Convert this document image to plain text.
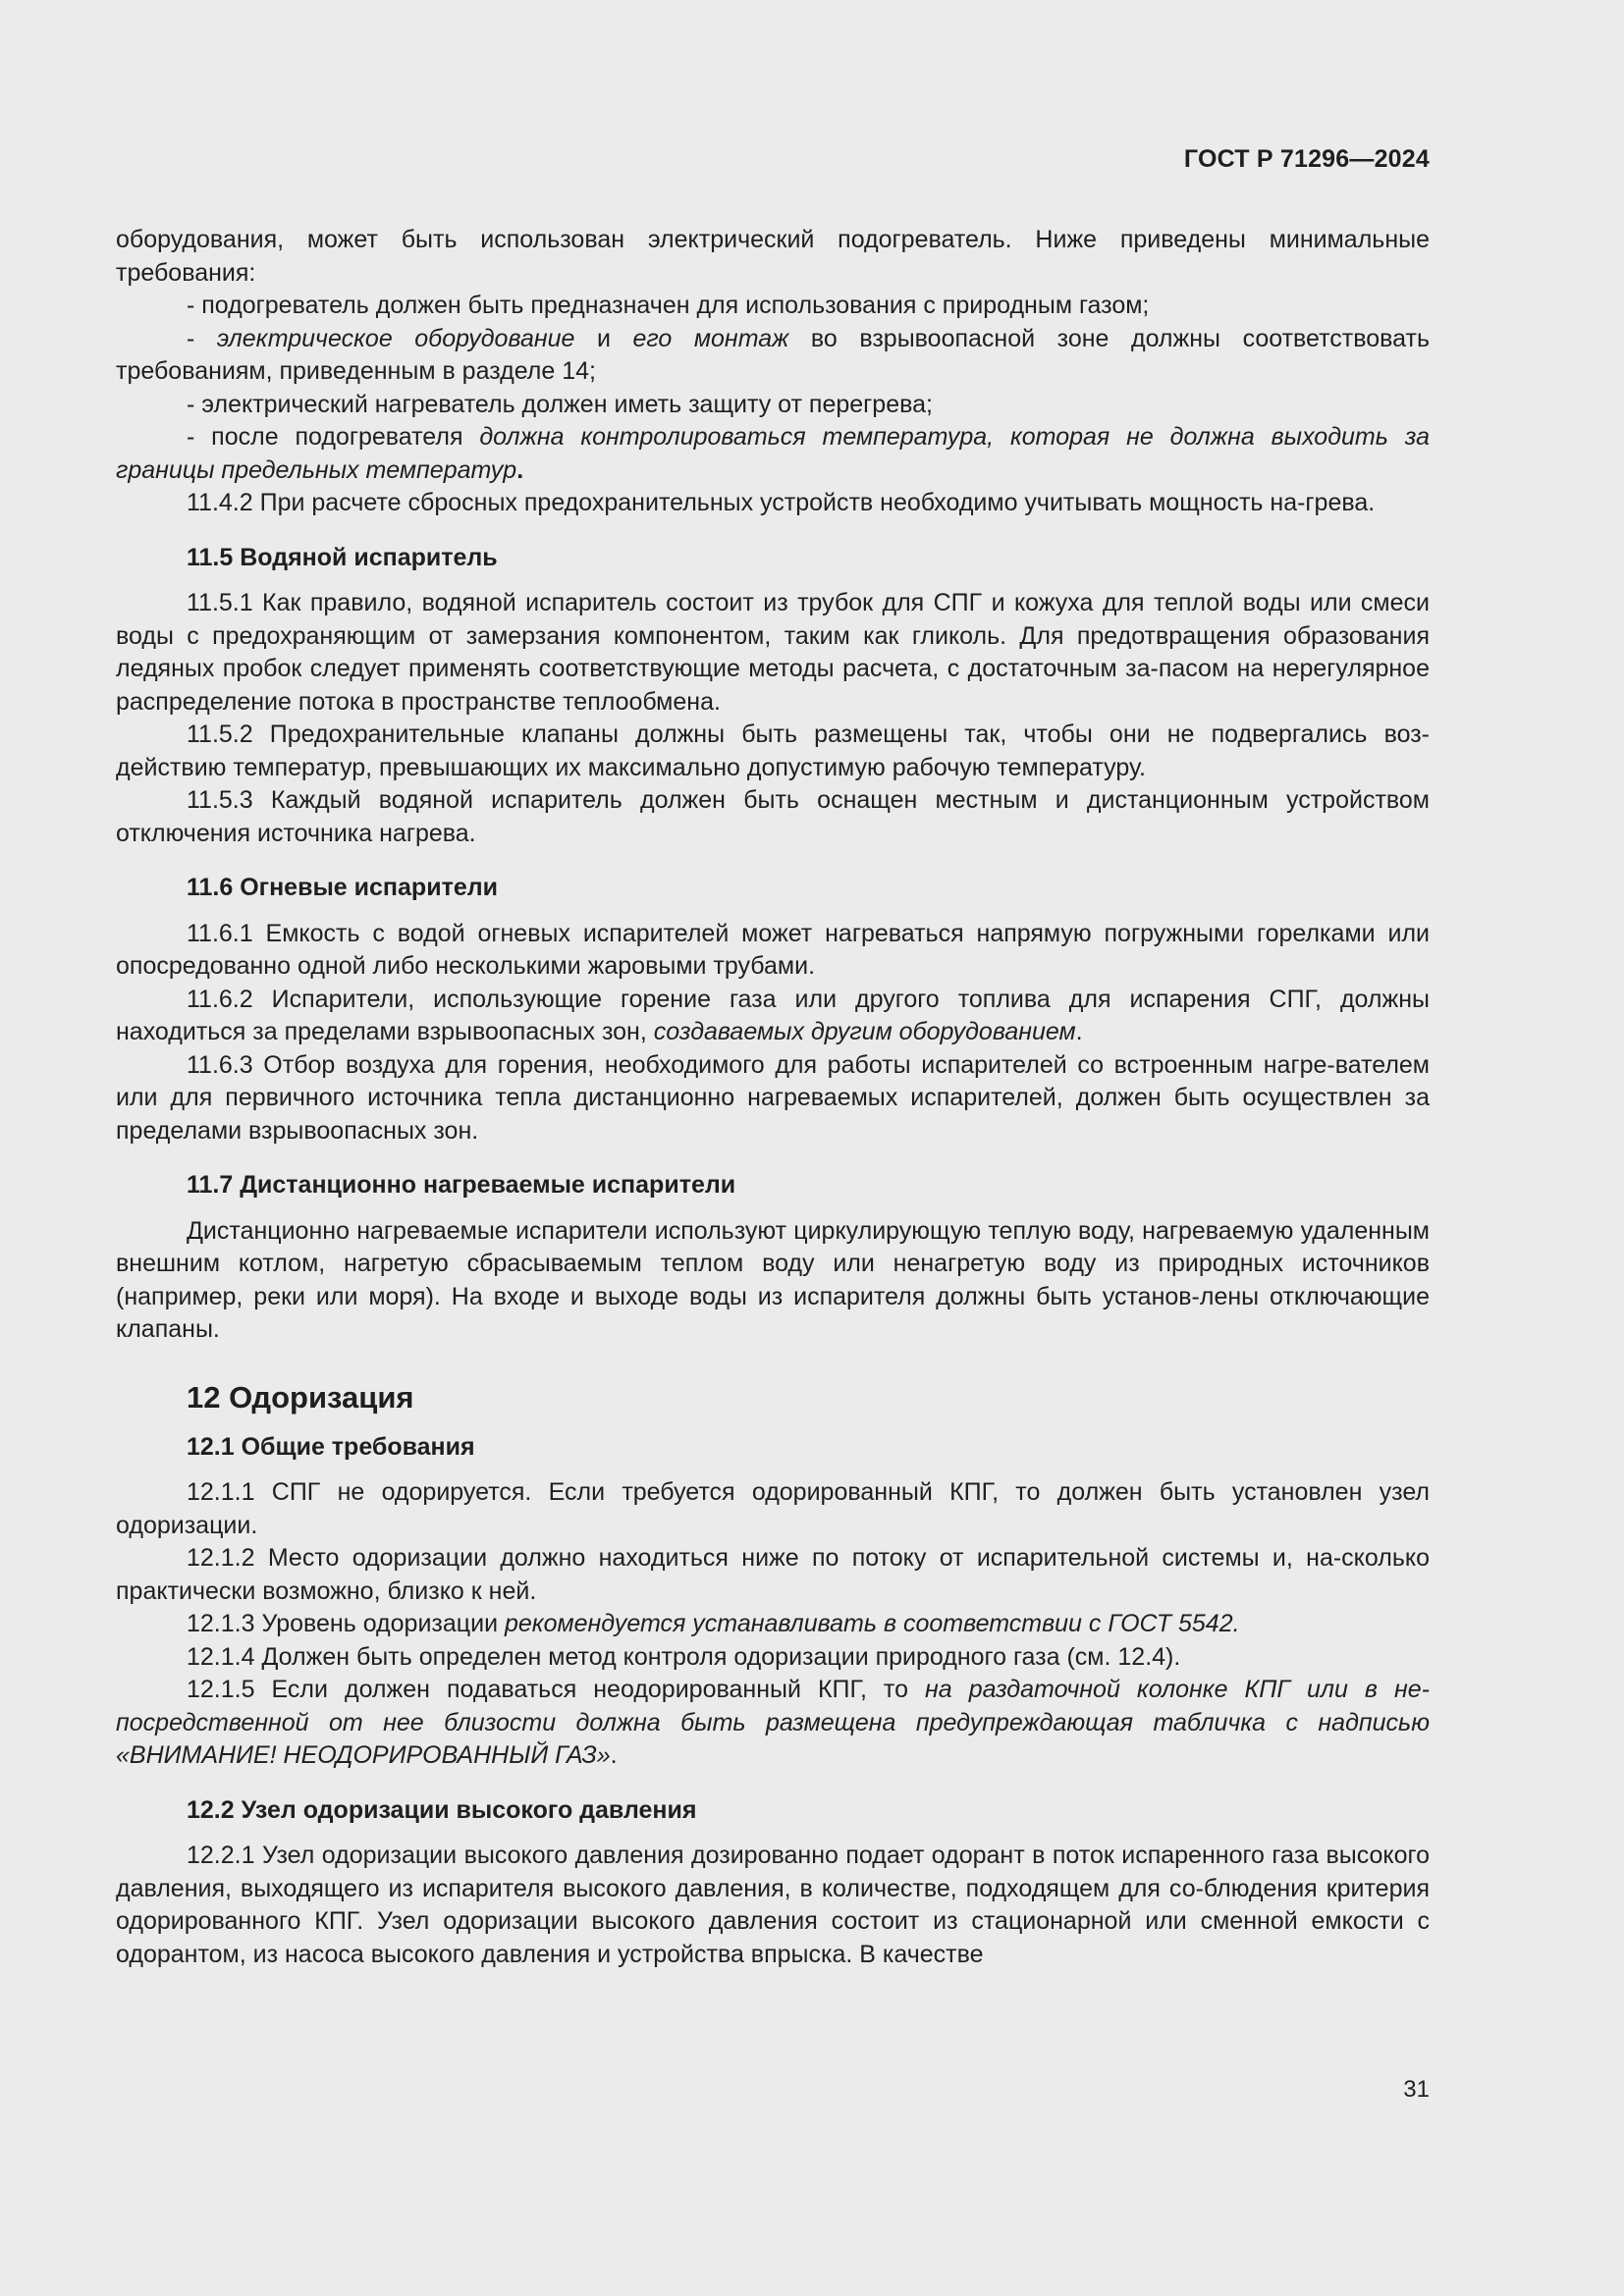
ГОСТ Р 71296—2024

оборудования, может быть использован электрический подогреватель. Ниже приведены минимальные требования:

- подогреватель должен быть предназначен для использования с природным газом;

- электрическое оборудование и его монтаж во взрывоопасной зоне должны соответствовать требованиям, приведенным в разделе 14;

- электрический нагреватель должен иметь защиту от перегрева;

- после подогревателя должна контролироваться температура, которая не должна выходить за границы предельных температур.

11.4.2 При расчете сбросных предохранительных устройств необходимо учитывать мощность на-грева.

11.5 Водяной испаритель

11.5.1 Как правило, водяной испаритель состоит из трубок для СПГ и кожуха для теплой воды или смеси воды с предохраняющим от замерзания компонентом, таким как гликоль. Для предотвращения образования ледяных пробок следует применять соответствующие методы расчета, с достаточным за-пасом на нерегулярное распределение потока в пространстве теплообмена.

11.5.2 Предохранительные клапаны должны быть размещены так, чтобы они не подвергались воз-действию температур, превышающих их максимально допустимую рабочую температуру.

11.5.3 Каждый водяной испаритель должен быть оснащен местным и дистанционным устройством отключения источника нагрева.

11.6 Огневые испарители

11.6.1 Емкость с водой огневых испарителей может нагреваться напрямую погружными горелками или опосредованно одной либо несколькими жаровыми трубами.

11.6.2 Испарители, использующие горение газа или другого топлива для испарения СПГ, должны находиться за пределами взрывоопасных зон, создаваемых другим оборудованием.

11.6.3 Отбор воздуха для горения, необходимого для работы испарителей со встроенным нагре-вателем или для первичного источника тепла дистанционно нагреваемых испарителей, должен быть осуществлен за пределами взрывоопасных зон.

11.7 Дистанционно нагреваемые испарители

Дистанционно нагреваемые испарители используют циркулирующую теплую воду, нагреваемую удаленным внешним котлом, нагретую сбрасываемым теплом воду или ненагретую воду из природных источников (например, реки или моря). На входе и выходе воды из испарителя должны быть установ-лены отключающие клапаны.

12 Одоризация

12.1 Общие требования

12.1.1 СПГ не одорируется. Если требуется одорированный КПГ, то должен быть установлен узел одоризации.

12.1.2 Место одоризации должно находиться ниже по потоку от испарительной системы и, на-сколько практически возможно, близко к ней.

12.1.3 Уровень одоризации рекомендуется устанавливать в соответствии с ГОСТ 5542.

12.1.4 Должен быть определен метод контроля одоризации природного газа (см. 12.4).

12.1.5 Если должен подаваться неодорированный КПГ, то на раздаточной колонке КПГ или в не-посредственной от нее близости должна быть размещена предупреждающая табличка с надписью «ВНИМАНИЕ! НЕОДОРИРОВАННЫЙ ГАЗ».

12.2 Узел одоризации высокого давления

12.2.1 Узел одоризации высокого давления дозированно подает одорант в поток испаренного газа высокого давления, выходящего из испарителя высокого давления, в количестве, подходящем для со-блюдения критерия одорированного КПГ. Узел одоризации высокого давления состоит из стационарной или сменной емкости с одорантом, из насоса высокого давления и устройства впрыска. В качестве

31
